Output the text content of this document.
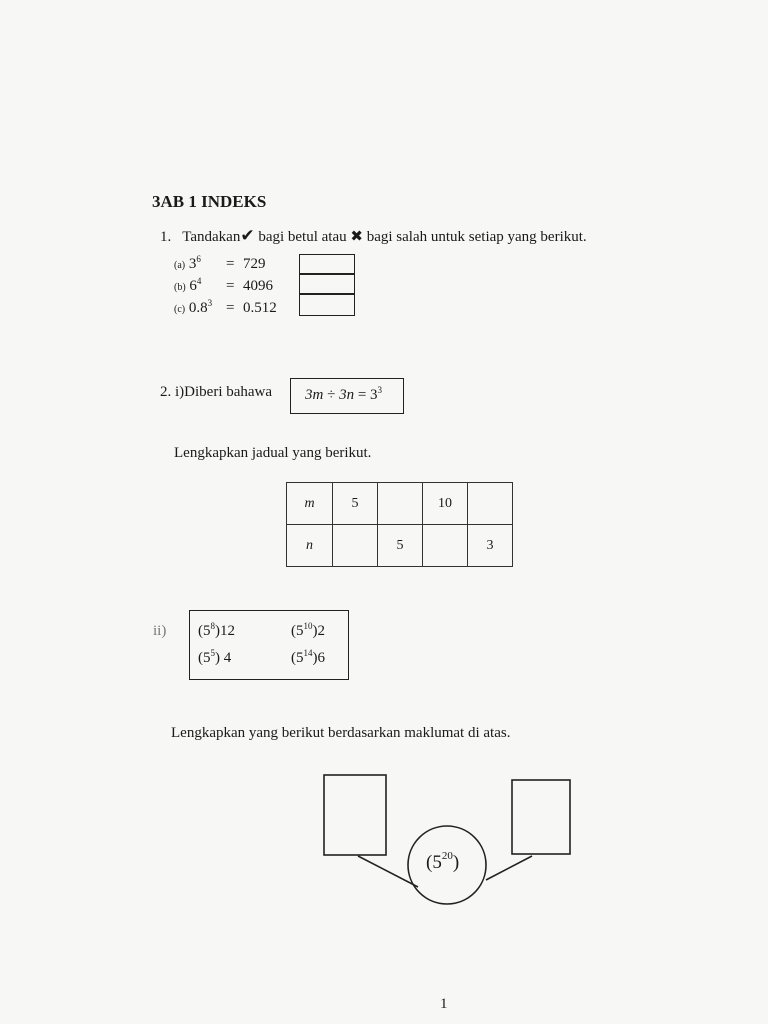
3AB 1 INDEKS
1. Tandakan✔ bagi betul atau ✖ bagi salah untuk setiap yang berikut.
(a) $3^6 = 729$
(b) $6^4 = 4096$
(c) $0.8^3 = 0.512$
2. i)Diberi bahawa $3m \div 3n = 3^3$
Lengkapkan jadual yang berikut.
m	5		10	
n		5		3
ii) $(5^8)12$	$(5^{10})2$
$(5^5)$ 4	$(5^{14})6$
Lengkapkan yang berikut berdasarkan maklumat di atas.
$(5^{20})$
1
